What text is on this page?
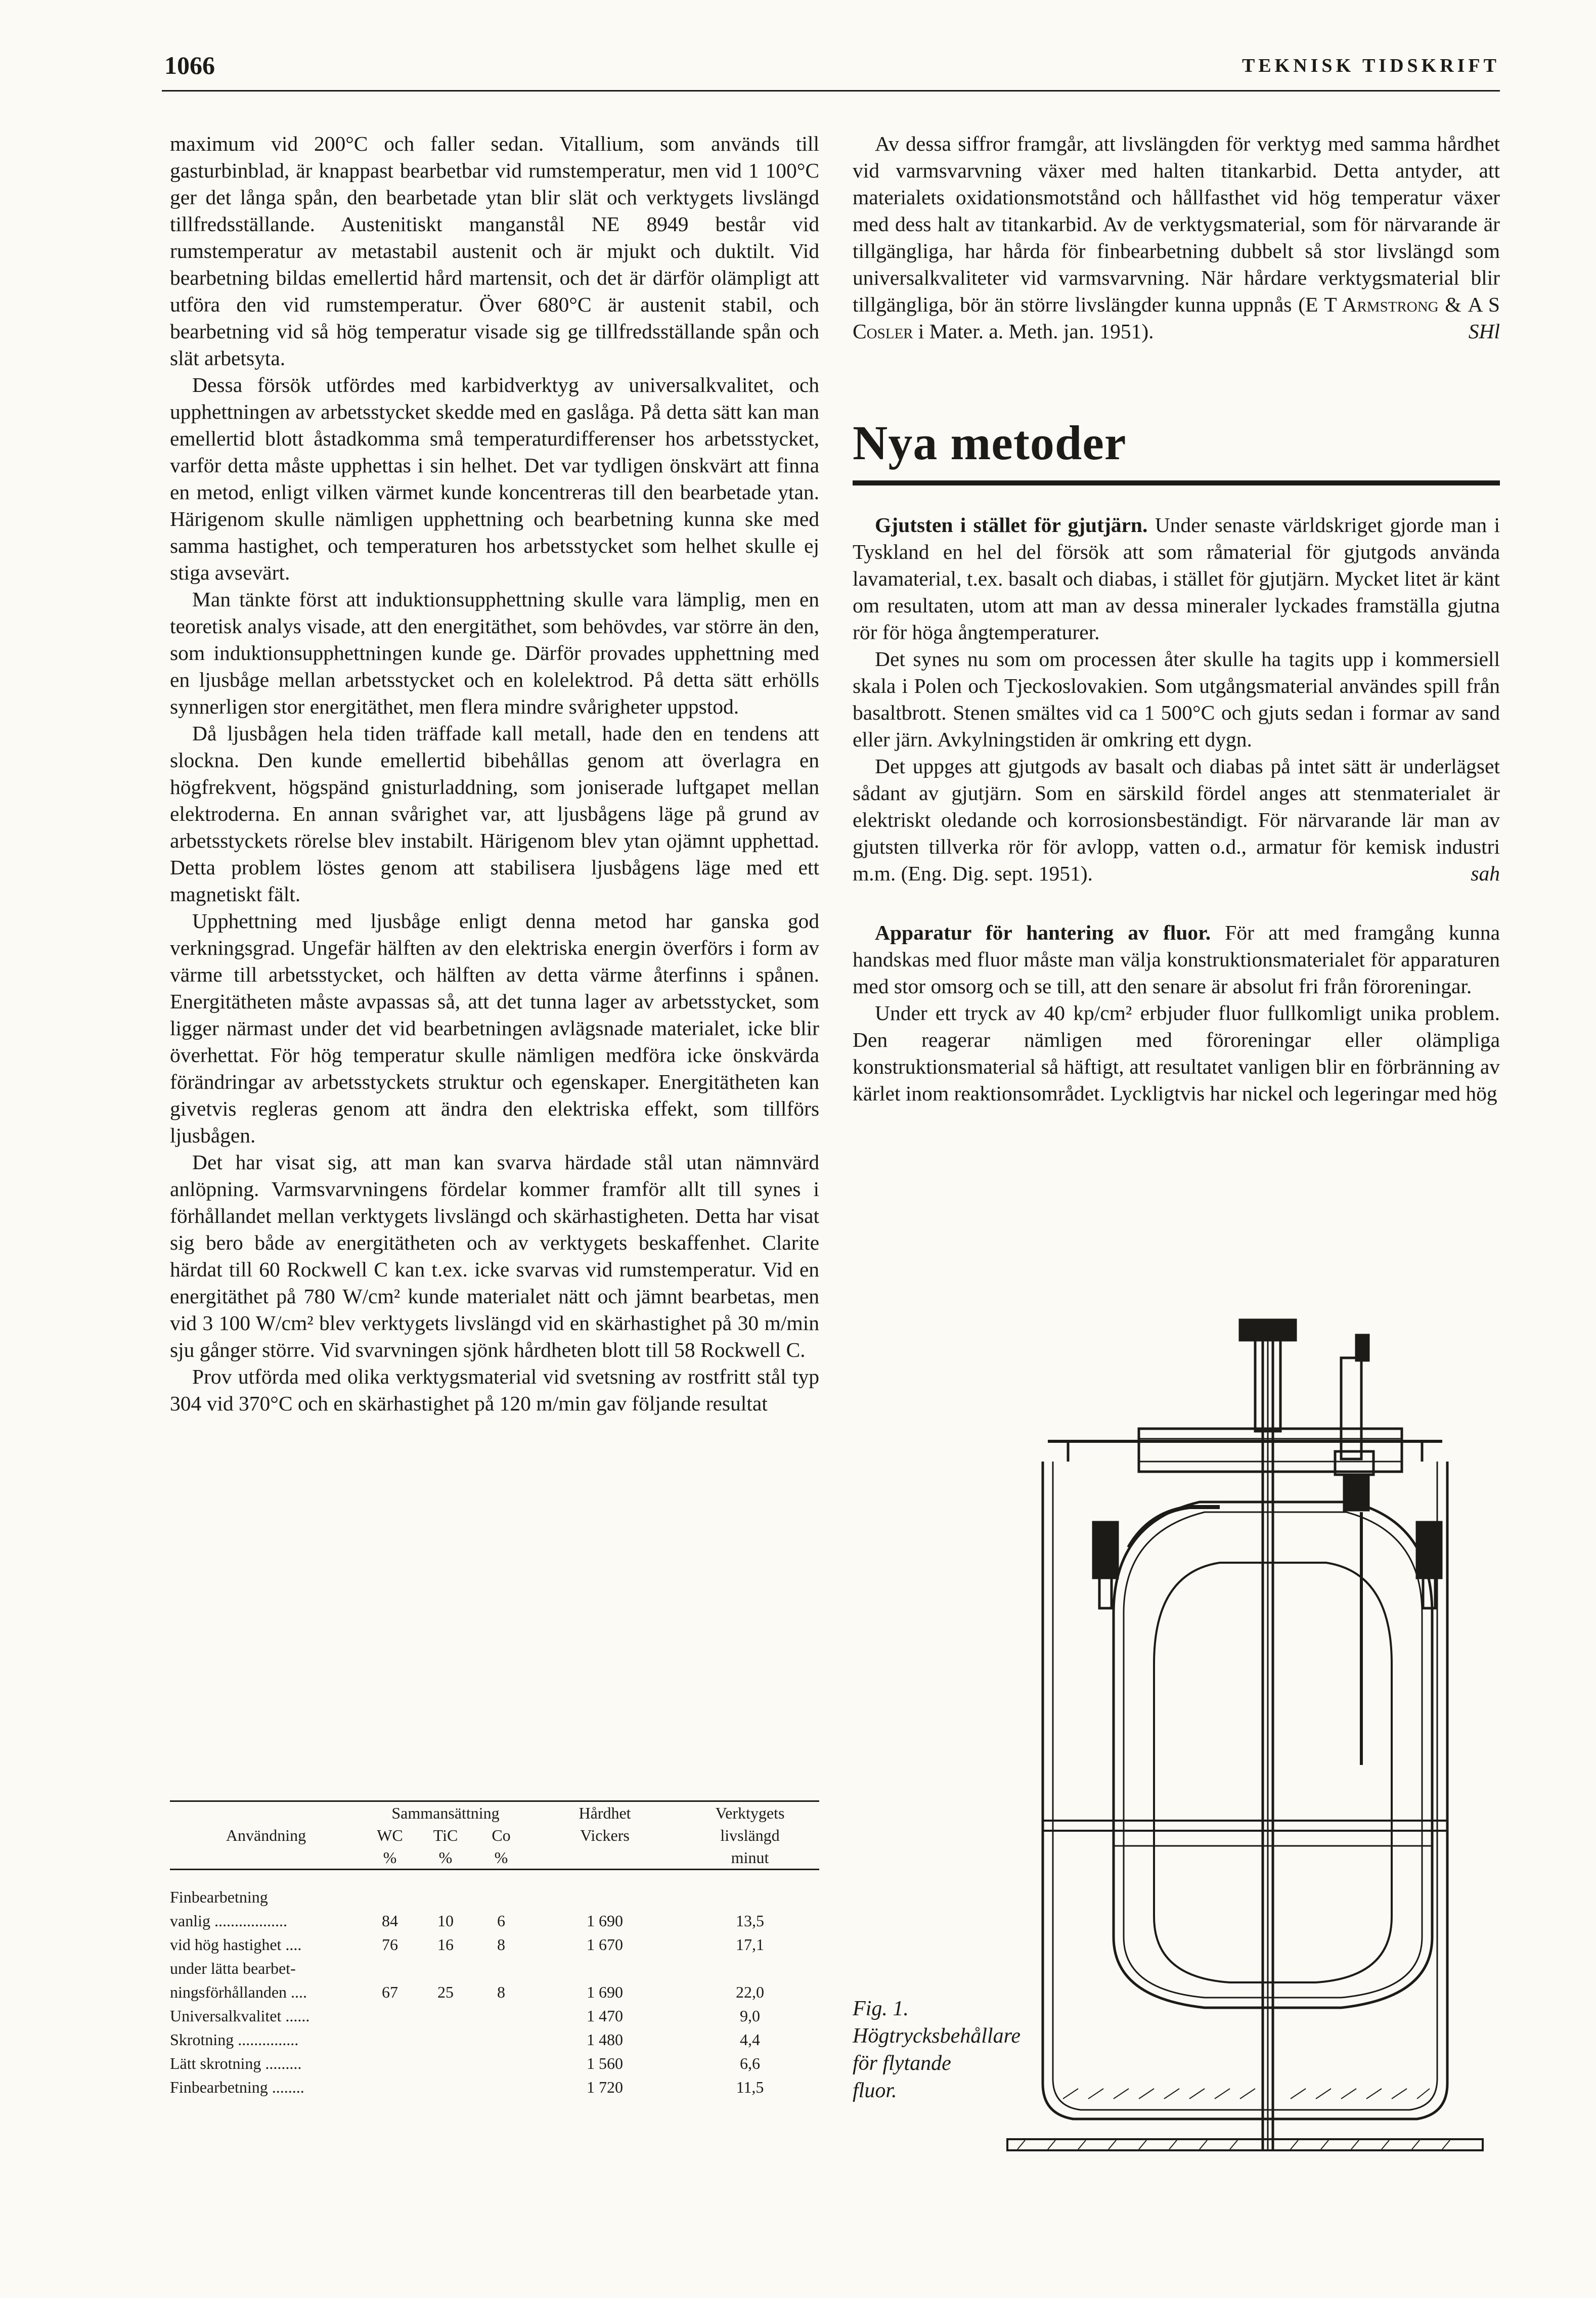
1066	TEKNISK TIDSKRIFT

maximum vid 200°C och faller sedan. Vitallium, som används till gasturbinblad, är knappast bearbetbar vid rumstemperatur, men vid 1 100°C ger det långa spån, den bearbetade ytan blir slät och verktygets livslängd tillfredsställande. Austenitiskt manganstål NE 8949 består vid rumstemperatur av metastabil austenit och är mjukt och duktilt. Vid bearbetning bildas emellertid hård martensit, och det är därför olämpligt att utföra den vid rumstemperatur. Över 680°C är austenit stabil, och bearbetning vid så hög temperatur visade sig ge tillfredsställande spån och slät arbetsyta.

Dessa försök utfördes med karbidverktyg av universalkvalitet, och upphettningen av arbetsstycket skedde med en gaslåga. På detta sätt kan man emellertid blott åstadkomma små temperaturdifferenser hos arbetsstycket, varför detta måste upphettas i sin helhet. Det var tydligen önskvärt att finna en metod, enligt vilken värmet kunde koncentreras till den bearbetade ytan. Härigenom skulle nämligen upphettning och bearbetning kunna ske med samma hastighet, och temperaturen hos arbetsstycket som helhet skulle ej stiga avsevärt.

Man tänkte först att induktionsupphettning skulle vara lämplig, men en teoretisk analys visade, att den energitäthet, som behövdes, var större än den, som induktionsupphettningen kunde ge. Därför provades upphettning med en ljusbåge mellan arbetsstycket och en kolelektrod. På detta sätt erhölls synnerligen stor energitäthet, men flera mindre svårigheter uppstod.

Då ljusbågen hela tiden träffade kall metall, hade den en tendens att slockna. Den kunde emellertid bibehållas genom att överlagra en högfrekvent, högspänd gnisturladdning, som joniserade luftgapet mellan elektroderna. En annan svårighet var, att ljusbågens läge på grund av arbetsstyckets rörelse blev instabilt. Härigenom blev ytan ojämnt upphettad. Detta problem löstes genom att stabilisera ljusbågens läge med ett magnetiskt fält.

Upphettning med ljusbåge enligt denna metod har ganska god verkningsgrad. Ungefär hälften av den elektriska energin överförs i form av värme till arbetsstycket, och hälften av detta värme återfinns i spånen. Energitätheten måste avpassas så, att det tunna lager av arbetsstycket, som ligger närmast under det vid bearbetningen avlägsnade materialet, icke blir överhettat. För hög temperatur skulle nämligen medföra icke önskvärda förändringar av arbetsstyckets struktur och egenskaper. Energitätheten kan givetvis regleras genom att ändra den elektriska effekt, som tillförs ljusbågen.

Det har visat sig, att man kan svarva härdade stål utan nämnvärd anlöpning. Varmsvarvningens fördelar kommer framför allt till synes i förhållandet mellan verktygets livslängd och skärhastigheten. Detta har visat sig bero både av energitätheten och av verktygets beskaffenhet. Clarite härdat till 60 Rockwell C kan t.ex. icke svarvas vid rumstemperatur. Vid en energitäthet på 780 W/cm² kunde materialet nätt och jämnt bearbetas, men vid 3 100 W/cm² blev verktygets livslängd vid en skärhastighet på 30 m/min sju gånger större. Vid svarvningen sjönk hårdheten blott till 58 Rockwell C.

Prov utförda med olika verktygsmaterial vid svetsning av rostfritt stål typ 304 vid 370°C och en skärhastighet på 120 m/min gav följande resultat

Användning	Sammansättning			Hårdhet	Verktygets
	WC	TiC	Co	Vickers	livslängd
	%	%	%		minut

Finbearbetning					
vanlig ..................	84	10	6	1 690	13,5
vid hög hastighet ....	76	16	8	1 670	17,1
under lätta bearbet-					
ningsförhållanden ....	67	25	8	1 690	22,0
Universalkvalitet ......				1 470	9,0
Skrotning ...............				1 480	4,4
Lätt skrotning .........				1 560	6,6
Finbearbetning ........				1 720	11,5

Av dessa siffror framgår, att livslängden för verktyg med samma hårdhet vid varmsvarvning växer med halten titankarbid. Detta antyder, att materialets oxidationsmotstånd och hållfasthet vid hög temperatur växer med dess halt av titankarbid. Av de verktygsmaterial, som för närvarande är tillgängliga, har hårda för finbearbetning dubbelt så stor livslängd som universalkvaliteter vid varmsvarvning. När hårdare verktygsmaterial blir tillgängliga, bör än större livslängder kunna uppnås (E T Armstrong & A S Cosler i Mater. a. Meth. jan. 1951).	SHl

Nya metoder

Gjutsten i stället för gjutjärn. Under senaste världskriget gjorde man i Tyskland en hel del försök att som råmaterial för gjutgods använda lavamaterial, t.ex. basalt och diabas, i stället för gjutjärn. Mycket litet är känt om resultaten, utom att man av dessa mineraler lyckades framställa gjutna rör för höga ångtemperaturer.

Det synes nu som om processen åter skulle ha tagits upp i kommersiell skala i Polen och Tjeckoslovakien. Som utgångsmaterial användes spill från basaltbrott. Stenen smältes vid ca 1 500°C och gjuts sedan i formar av sand eller järn. Avkylningstiden är omkring ett dygn.

Det uppges att gjutgods av basalt och diabas på intet sätt är underlägset sådant av gjutjärn. Som en särskild fördel anges att stenmaterialet är elektriskt oledande och korrosionsbeständigt. För närvarande lär man av gjutsten tillverka rör för avlopp, vatten o.d., armatur för kemisk industri m.m. (Eng. Dig. sept. 1951).	sah

Apparatur för hantering av fluor. För att med framgång kunna handskas med fluor måste man välja konstruktionsmaterialet för apparaturen med stor omsorg och se till, att den senare är absolut fri från föroreningar.

Under ett tryck av 40 kp/cm² erbjuder fluor fullkomligt unika problem. Den reagerar nämligen med föroreningar eller olämpliga konstruktionsmaterial så häftigt, att resultatet vanligen blir en förbränning av kärlet inom reaktionsområdet. Lyckligtvis har nickel och legeringar med hög

Fig. 1. Högtrycksbehållare för flytande fluor.
